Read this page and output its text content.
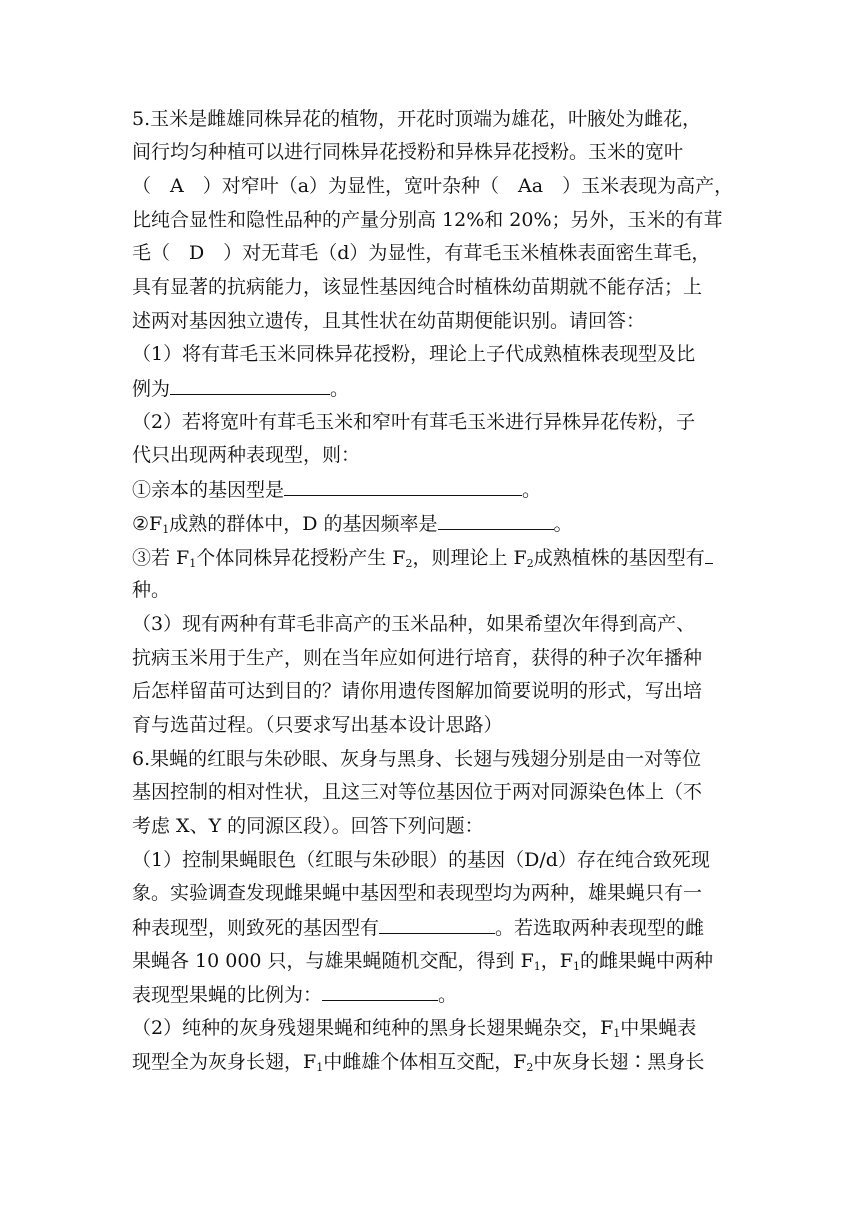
5.玉米是雌雄同株异花的植物，开花时顶端为雄花，叶腋处为雌花，
间行均匀种植可以进行同株异花授粉和异株异花授粉。玉米的宽叶
（　A　）对窄叶（a）为显性，宽叶杂种（　Aa　）玉米表现为高产，
比纯合显性和隐性品种的产量分别高 12%和 20%；另外，玉米的有茸
毛（　D　）对无茸毛（d）为显性，有茸毛玉米植株表面密生茸毛，
具有显著的抗病能力，该显性基因纯合时植株幼苗期就不能存活；上
述两对基因独立遗传，且其性状在幼苗期便能识别。请回答：
（1）将有茸毛玉米同株异花授粉，理论上子代成熟植株表现型及比
例为	。
（2）若将宽叶有茸毛玉米和窄叶有茸毛玉米进行异株异花传粉，子
代只出现两种表现型，则：
①亲本的基因型是	。
$②F_1$成熟的群体中，D 的基因频率是	。
③若 $F_1$个体同株异花授粉产生 $F_2$，则理论上 $F_2$成熟植株的基因型有
种。
（3）现有两种有茸毛非高产的玉米品种，如果希望次年得到高产、
抗病玉米用于生产，则在当年应如何进行培育，获得的种子次年播种
后怎样留苗可达到目的？请你用遗传图解加简要说明的形式，写出培
育与选苗过程。（只要求写出基本设计思路）
6.果蝇的红眼与朱砂眼、灰身与黑身、长翅与残翅分别是由一对等位
基因控制的相对性状，且这三对等位基因位于两对同源染色体上（不
考虑 X、Y 的同源区段）。回答下列问题：
（1）控制果蝇眼色（红眼与朱砂眼）的基因（D/d）存在纯合致死现
象。实验调查发现雌果蝇中基因型和表现型均为两种，雄果蝇只有一
种表现型，则致死的基因型有	。若选取两种表现型的雌
果蝇各 10 000 只，与雄果蝇随机交配，得到 $F_1$，$F_1$的雌果蝇中两种
表现型果蝇的比例为：	。
（2）纯种的灰身残翅果蝇和纯种的黑身长翅果蝇杂交，$F_1$中果蝇表
现型全为灰身长翅，$F_1$中雌雄个体相互交配，$F_2$中灰身长翅∶黑身长
